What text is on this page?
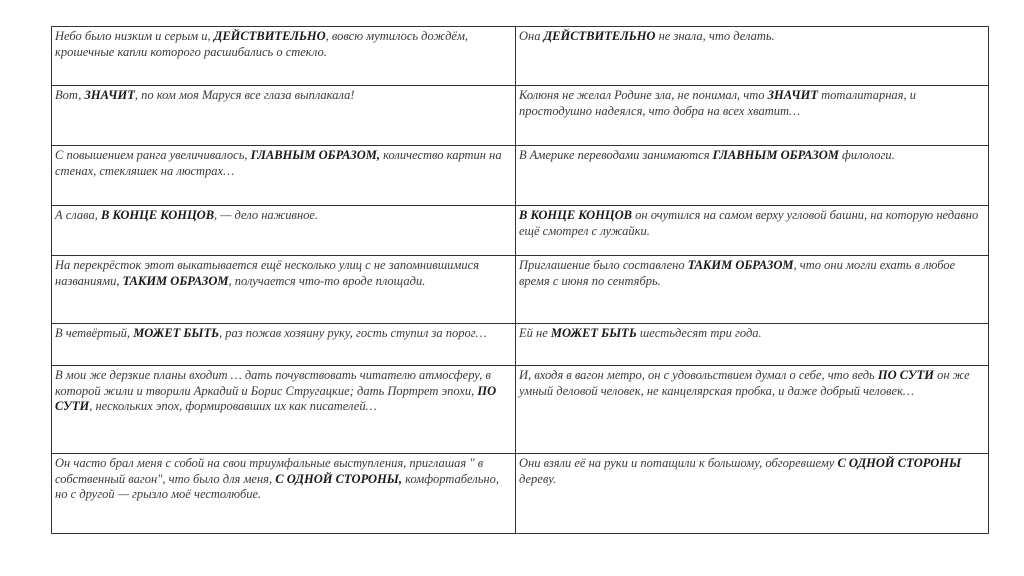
Небо было низким и серым и, ДЕЙСТВИТЕЛЬНО, вовсю мутилось дождём, крошечные капли которого расшибались о стекло.	Она ДЕЙСТВИТЕЛЬНО не знала, что делать.
Вот, ЗНАЧИТ, по ком моя Маруся все глаза выплакала!	Колюня не желал Родине зла, не понимал, что ЗНАЧИТ тоталитарная, и простодушно надеялся, что добра на всех хватит…
С повышением ранга увеличивалось, ГЛАВНЫМ ОБРАЗОМ, количество картин на стенах, стекляшек на люстрах…	В Америке переводами занимаются ГЛАВНЫМ ОБРАЗОМ филологи.
А слава, В КОНЦЕ КОНЦОВ, — дело наживное.	В КОНЦЕ КОНЦОВ он очутился на самом верху угловой башни, на которую недавно ещё смотрел с лужайки.
На перекрёсток этот выкатывается ещё несколько улиц с не запомнившимися названиями, ТАКИМ ОБРАЗОМ, получается что-то вроде площади.	Приглашение было составлено ТАКИМ ОБРАЗОМ, что они могли ехать в любое время с июня по сентябрь.
В четвёртый, МОЖЕТ БЫТЬ, раз пожав хозяину руку, гость ступил за порог…	Ей не МОЖЕТ БЫТЬ шестьдесят три года.
В мои же дерзкие планы входит … дать почувствовать читателю атмосферу, в которой жили и творили Аркадий и Борис Стругацкие; дать Портрет эпохи, ПО СУТИ, нескольких эпох, формировавших их как писателей…	И, входя в вагон метро, он с удовольствием думал о себе, что ведь ПО СУТИ он же умный деловой человек, не канцелярская пробка, и даже добрый человек…
Он часто брал меня с собой на свои триумфальные выступления, приглашая " в собственный вагон", что было для меня, С ОДНОЙ СТОРОНЫ, комфортабельно, но с другой — грызло моё честолюбие.	Они взяли её на руки и потащили к большому, обгоревшему С ОДНОЙ СТОРОНЫ дереву.
